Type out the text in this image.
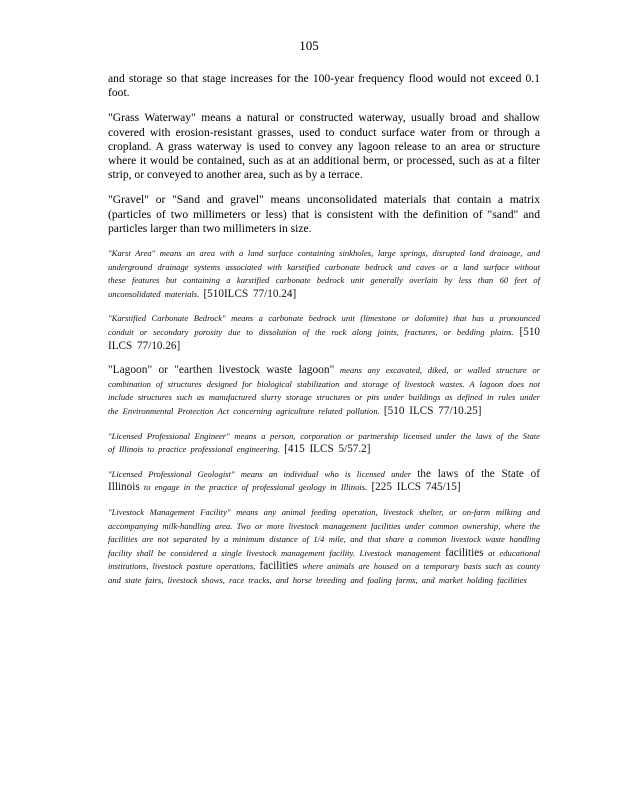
105

and storage so that stage increases for the 100-year frequency flood would not exceed 0.1 foot.

"Grass Waterway" means a natural or constructed waterway, usually broad and shallow covered with erosion-resistant grasses, used to conduct surface water from or through a cropland. A grass waterway is used to convey any lagoon release to an area or structure where it would be contained, such as at an additional berm, or processed, such as at a filter strip, or conveyed to another area, such as by a terrace.

"Gravel" or "Sand and gravel" means unconsolidated materials that contain a matrix (particles of two millimeters or less) that is consistent with the definition of "sand" and particles larger than two millimeters in size.

"Karst Area" means an area with a land surface containing sinkholes, large springs, disrupted land drainage, and underground drainage systems associated with karstified carbonate bedrock and caves or a land surface without these features but containing a karstified carbonate bedrock unit generally overlain by less than 60 feet of unconsolidated materials. [510ILCS 77/10.24]

"Karstified Carbonate Bedrock" means a carbonate bedrock unit (limestone or dolomite) that has a pronounced conduit or secondary porosity due to dissolution of the rock along joints, fractures, or bedding plains. [510 ILCS 77/10.26]

"Lagoon" or "earthen livestock waste lagoon" means any excavated, diked, or walled structure or combination of structures designed for biological stabilization and storage of livestock wastes. A lagoon does not include structures such as manufactured slurry storage structures or pits under buildings as defined in rules under the Environmental Protection Act concerning agriculture related pollution. [510 ILCS 77/10.25]

"Licensed Professional Engineer" means a person, corporation or partnership licensed under the laws of the State of Illinois to practice professional engineering. [415 ILCS 5/57.2]

"Licensed Professional Geologist" means an individual who is licensed under the laws of the State of Illinois to engage in the practice of professional geology in Illinois. [225 ILCS 745/15]

"Livestock Management Facility" means any animal feeding operation, livestock shelter, or on-farm milking and accompanying milk-handling area. Two or more livestock management facilities under common ownership, where the facilities are not separated by a minimum distance of 1/4 mile, and that share a common livestock waste handling facility shall be considered a single livestock management facility. Livestock management facilities at educational institutions, livestock pasture operations, facilities where animals are housed on a temporary basis such as county and state fairs, livestock shows, race tracks, and horse breeding and foaling farms, and market holding facilities
